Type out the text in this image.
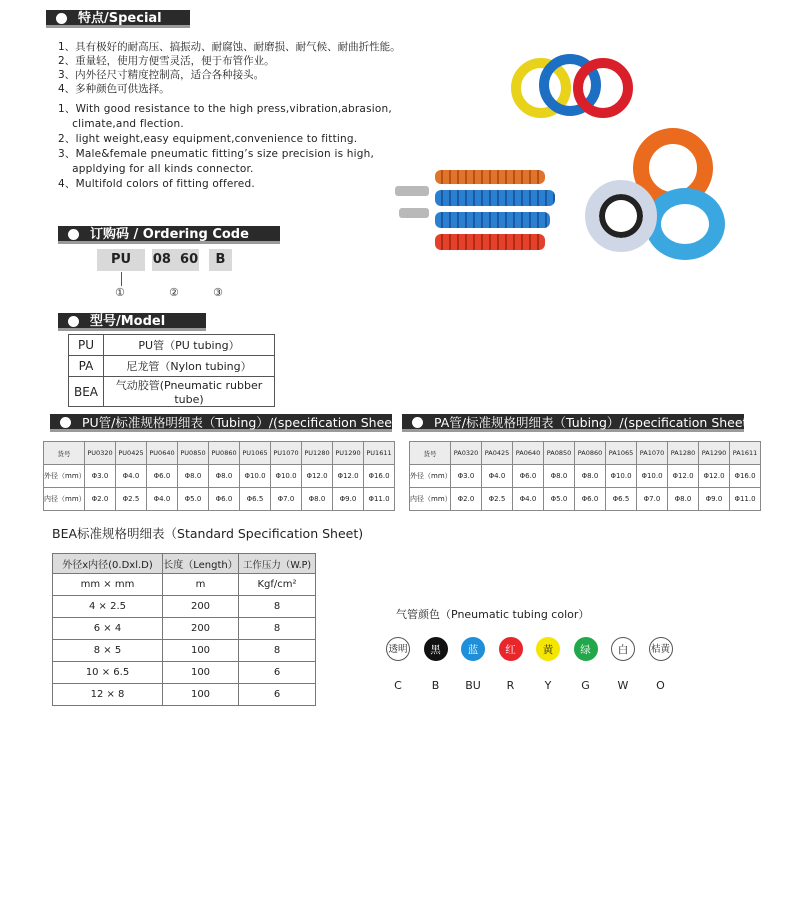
特点/Special
1、具有极好的耐高压、搞振动、耐腐蚀、耐磨损、耐气候、耐曲折性能。
2、重量轻，使用方便雪灵活，便于布管作业。
3、内外径尺寸精度控制高，适合各种接头。
4、多种颜色可供选择。
1、With good resistance to the high press,vibration,abrasion,
climate,and flection.
2、light weight,easy equipment,convenience to fitting.
3、Male&female pneumatic fitting’s size precision is high,
appldying for all kinds connector.
4、Multifold colors of fitting offered.
订购码 / Ordering Code
PU	08  60	B
①	②	③
型号/Model
PU	PU管（PU tubing）
PA	尼龙管（Nylon tubing）
BEA	气动胶管(Pneumatic rubber tube)
PU管/标准规格明细表（Tubing）/(specification Sheet)
货号	PU0320	PU0425	PU0640	PU0850	PU0860	PU1065	PU1070	PU1280	PU1290	PU1611
外径（mm）	Φ3.0	Φ4.0	Φ6.0	Φ8.0	Φ8.0	Φ10.0	Φ10.0	Φ12.0	Φ12.0	Φ16.0
内径（mm）	Φ2.0	Φ2.5	Φ4.0	Φ5.0	Φ6.0	Φ6.5	Φ7.0	Φ8.0	Φ9.0	Φ11.0
PA管/标准规格明细表（Tubing）/(specification Sheet)
货号	PA0320	PA0425	PA0640	PA0850	PA0860	PA1065	PA1070	PA1280	PA1290	PA1611
外径（mm）	Φ3.0	Φ4.0	Φ6.0	Φ8.0	Φ8.0	Φ10.0	Φ10.0	Φ12.0	Φ12.0	Φ16.0
内径（mm）	Φ2.0	Φ2.5	Φ4.0	Φ5.0	Φ6.0	Φ6.5	Φ7.0	Φ8.0	Φ9.0	Φ11.0
BEA标准规格明细表（Standard Specification Sheet)
外径x内径(0.Dxl.D)	长度（Length）	工作压力（W.P)
mm × mm	m	Kgf/cm²
4 × 2.5	200	8
6 × 4	200	8
8 × 5	100	8
10 × 6.5	100	6
12 × 8	100	6
气管颜色（Pneumatic tubing color）
透明
C
黑
B
蓝
BU
红
R
黄
Y
绿
G
白
W
桔黄
O
